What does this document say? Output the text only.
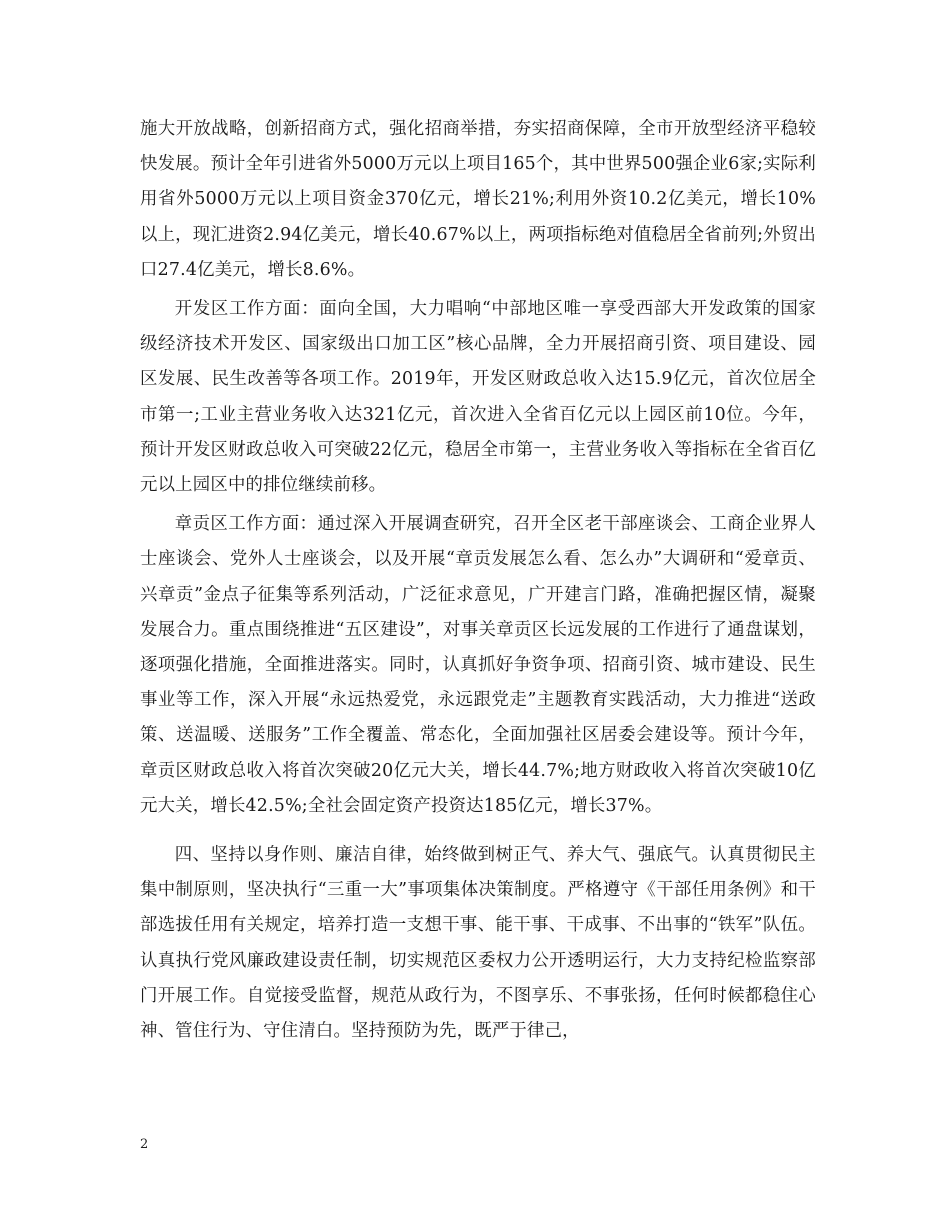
施大开放战略，创新招商方式，强化招商举措，夯实招商保障，全市开放型经济平稳较快发展。预计全年引进省外5000万元以上项目165个，其中世界500强企业6家;实际利用省外5000万元以上项目资金370亿元，增长21%;利用外资10.2亿美元，增长10%以上，现汇进资2.94亿美元，增长40.67%以上，两项指标绝对值稳居全省前列;外贸出口27.4亿美元，增长8.6%。

开发区工作方面：面向全国，大力唱响“中部地区唯一享受西部大开发政策的国家级经济技术开发区、国家级出口加工区”核心品牌，全力开展招商引资、项目建设、园区发展、民生改善等各项工作。2019年，开发区财政总收入达15.9亿元，首次位居全市第一;工业主营业务收入达321亿元，首次进入全省百亿元以上园区前10位。今年，预计开发区财政总收入可突破22亿元，稳居全市第一，主营业务收入等指标在全省百亿元以上园区中的排位继续前移。

章贡区工作方面：通过深入开展调查研究，召开全区老干部座谈会、工商企业界人士座谈会、党外人士座谈会，以及开展“章贡发展怎么看、怎么办”大调研和“爱章贡、兴章贡”金点子征集等系列活动，广泛征求意见，广开建言门路，准确把握区情，凝聚发展合力。重点围绕推进“五区建设”，对事关章贡区长远发展的工作进行了通盘谋划，逐项强化措施，全面推进落实。同时，认真抓好争资争项、招商引资、城市建设、民生事业等工作，深入开展“永远热爱党，永远跟党走”主题教育实践活动，大力推进“送政策、送温暖、送服务”工作全覆盖、常态化，全面加强社区居委会建设等。预计今年，章贡区财政总收入将首次突破20亿元大关，增长44.7%;地方财政收入将首次突破10亿元大关，增长42.5%;全社会固定资产投资达185亿元，增长37%。

四、坚持以身作则、廉洁自律，始终做到树正气、养大气、强底气。认真贯彻民主集中制原则，坚决执行“三重一大”事项集体决策制度。严格遵守《干部任用条例》和干部选拔任用有关规定，培养打造一支想干事、能干事、干成事、不出事的“铁军”队伍。认真执行党风廉政建设责任制，切实规范区委权力公开透明运行，大力支持纪检监察部门开展工作。自觉接受监督，规范从政行为，不图享乐、不事张扬，任何时候都稳住心神、管住行为、守住清白。坚持预防为先，既严于律己，

2
